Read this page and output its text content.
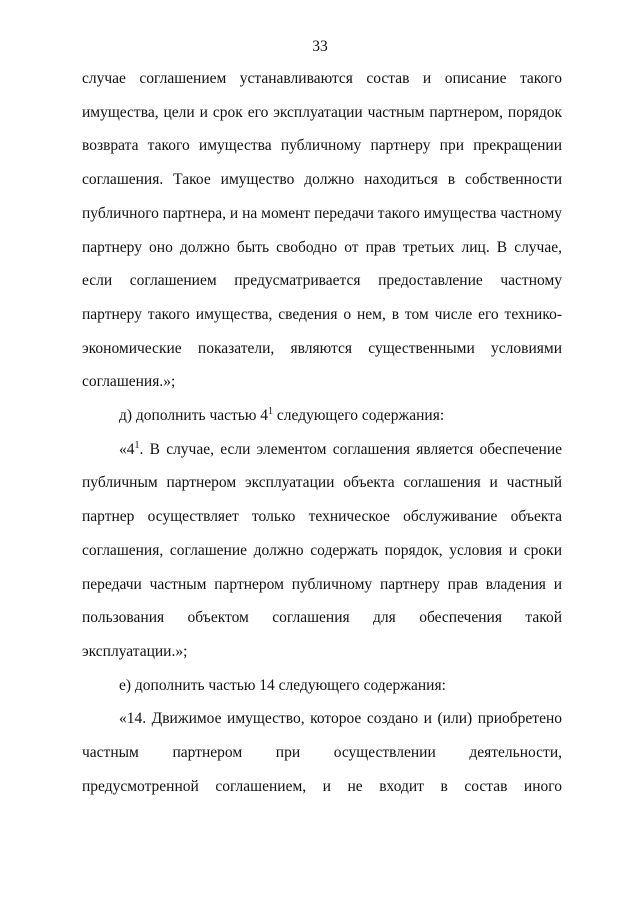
33

случае соглашением устанавливаются состав и описание такого имущества, цели и срок его эксплуатации частным партнером, порядок возврата такого имущества публичному партнеру при прекращении соглашения. Такое имущество должно находиться в собственности публичного партнера, и на момент передачи такого имущества частному партнеру оно должно быть свободно от прав третьих лиц. В случае, если соглашением предусматривается предоставление частному партнеру такого имущества, сведения о нем, в том числе его технико-экономические показатели, являются существенными условиями соглашения.»;

д) дополнить частью $4^1$ следующего содержания:

«$4^1$. В случае, если элементом соглашения является обеспечение публичным партнером эксплуатации объекта соглашения и частный партнер осуществляет только техническое обслуживание объекта соглашения, соглашение должно содержать порядок, условия и сроки передачи частным партнером публичному партнеру прав владения и пользования объектом соглашения для обеспечения такой эксплуатации.»;

е) дополнить частью 14 следующего содержания:

«14. Движимое имущество, которое создано и (или) приобретено частным партнером при осуществлении деятельности, предусмотренной соглашением, и не входит в состав иного
